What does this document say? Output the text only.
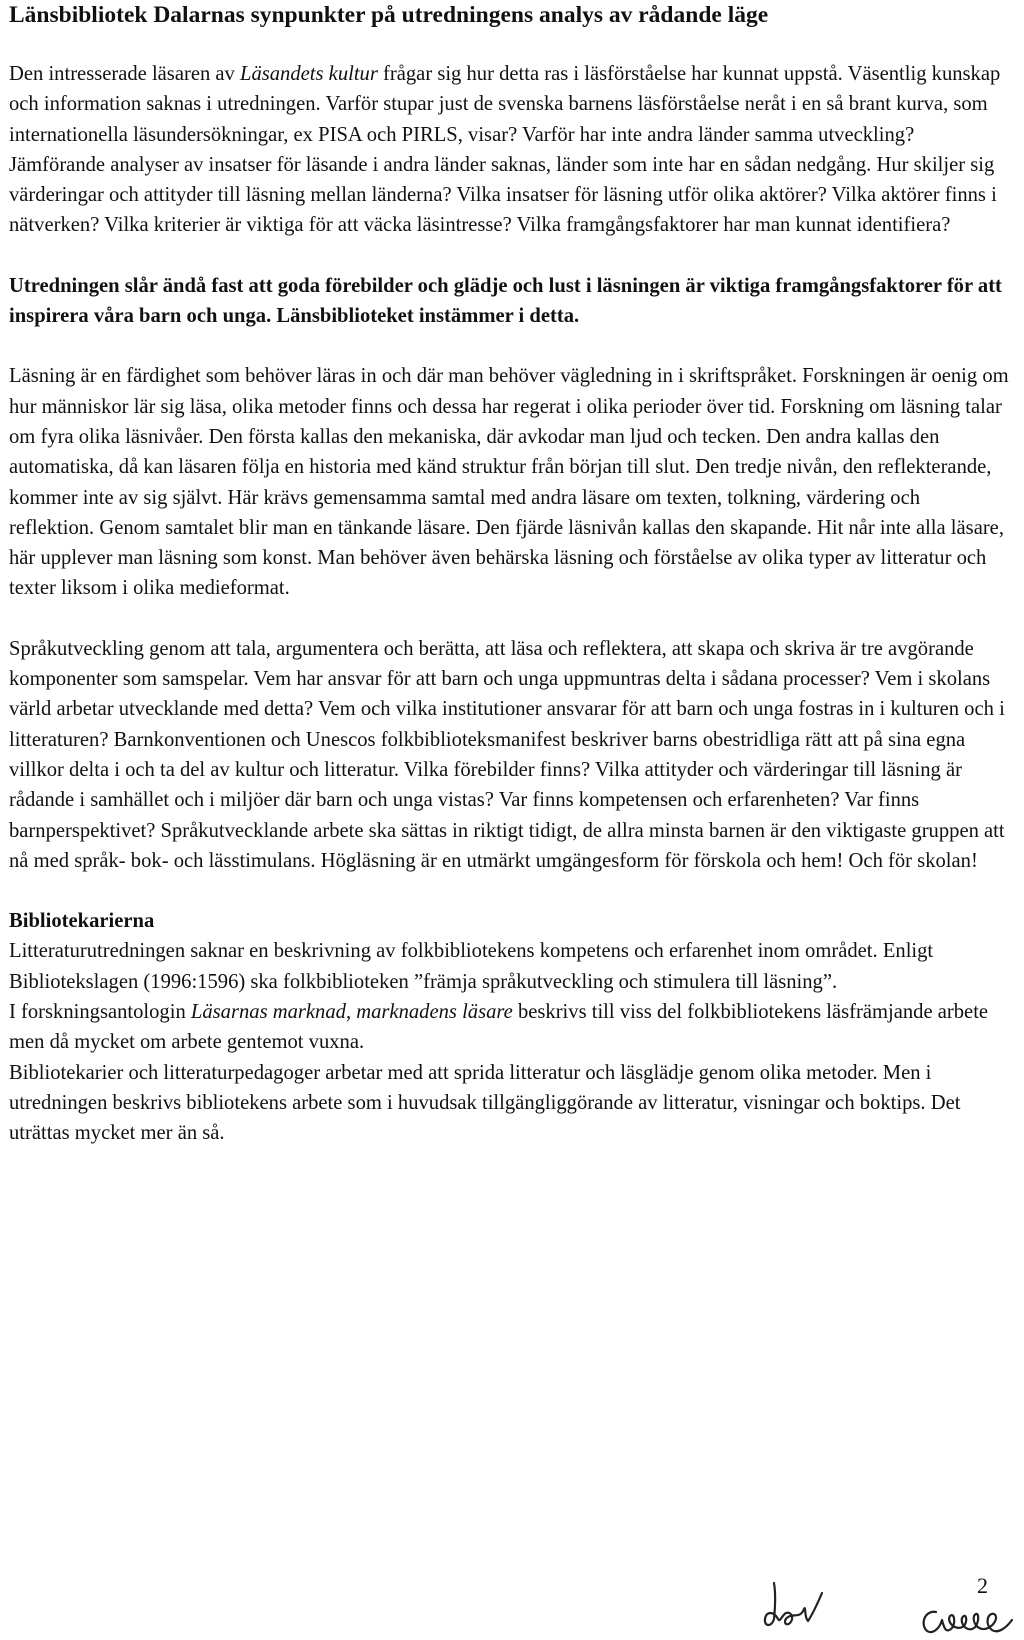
Länsbibliotek Dalarnas synpunkter på utredningens analys av rådande läge

Den intresserade läsaren av Läsandets kultur frågar sig hur detta ras i läsförståelse har kunnat uppstå. Väsentlig kunskap och information saknas i utredningen. Varför stupar just de svenska barnens läsförståelse neråt i en så brant kurva, som internationella läsundersökningar, ex PISA och PIRLS, visar? Varför har inte andra länder samma utveckling? Jämförande analyser av insatser för läsande i andra länder saknas, länder som inte har en sådan nedgång. Hur skiljer sig värderingar och attityder till läsning mellan länderna? Vilka insatser för läsning utför olika aktörer? Vilka aktörer finns i nätverken? Vilka kriterier är viktiga för att väcka läsintresse? Vilka framgångsfaktorer har man kunnat identifiera?

Utredningen slår ändå fast att goda förebilder och glädje och lust i läsningen är viktiga framgångsfaktorer för att inspirera våra barn och unga. Länsbiblioteket instämmer i detta.

Läsning är en färdighet som behöver läras in och där man behöver vägledning in i skriftspråket. Forskningen är oenig om hur människor lär sig läsa, olika metoder finns och dessa har regerat i olika perioder över tid. Forskning om läsning talar om fyra olika läsnivåer. Den första kallas den mekaniska, där avkodar man ljud och tecken. Den andra kallas den automatiska, då kan läsaren följa en historia med känd struktur från början till slut. Den tredje nivån, den reflekterande, kommer inte av sig självt. Här krävs gemensamma samtal med andra läsare om texten, tolkning, värdering och reflektion. Genom samtalet blir man en tänkande läsare. Den fjärde läsnivån kallas den skapande. Hit når inte alla läsare, här upplever man läsning som konst. Man behöver även behärska läsning och förståelse av olika typer av litteratur och texter liksom i olika medieformat.

Språkutveckling genom att tala, argumentera och berätta, att läsa och reflektera, att skapa och skriva är tre avgörande komponenter som samspelar. Vem har ansvar för att barn och unga uppmuntras delta i sådana processer? Vem i skolans värld arbetar utvecklande med detta? Vem och vilka institutioner ansvarar för att barn och unga fostras in i kulturen och i litteraturen? Barnkonventionen och Unescos folkbiblioteksmanifest beskriver barns obestridliga rätt att på sina egna villkor delta i och ta del av kultur och litteratur. Vilka förebilder finns? Vilka attityder och värderingar till läsning är rådande i samhället och i miljöer där barn och unga vistas? Var finns kompetensen och erfarenheten? Var finns barnperspektivet? Språkutvecklande arbete ska sättas in riktigt tidigt, de allra minsta barnen är den viktigaste gruppen att nå med språk- bok- och lässtimulans. Högläsning är en utmärkt umgängesform för förskola och hem! Och för skolan!

Bibliotekarierna

Litteraturutredningen saknar en beskrivning av folkbibliotekens kompetens och erfarenhet inom området. Enligt Bibliotekslagen (1996:1596) ska folkbiblioteken ”främja språkutveckling och stimulera till läsning”.

I forskningsantologin Läsarnas marknad, marknadens läsare beskrivs till viss del folkbibliotekens läsfrämjande arbete men då mycket om arbete gentemot vuxna.

Bibliotekarier och litteraturpedagoger arbetar med att sprida litteratur och läsglädje genom olika metoder. Men i utredningen beskrivs bibliotekens arbete som i huvudsak tillgängliggörande av litteratur, visningar och boktips. Det uträttas mycket mer än så.

2
